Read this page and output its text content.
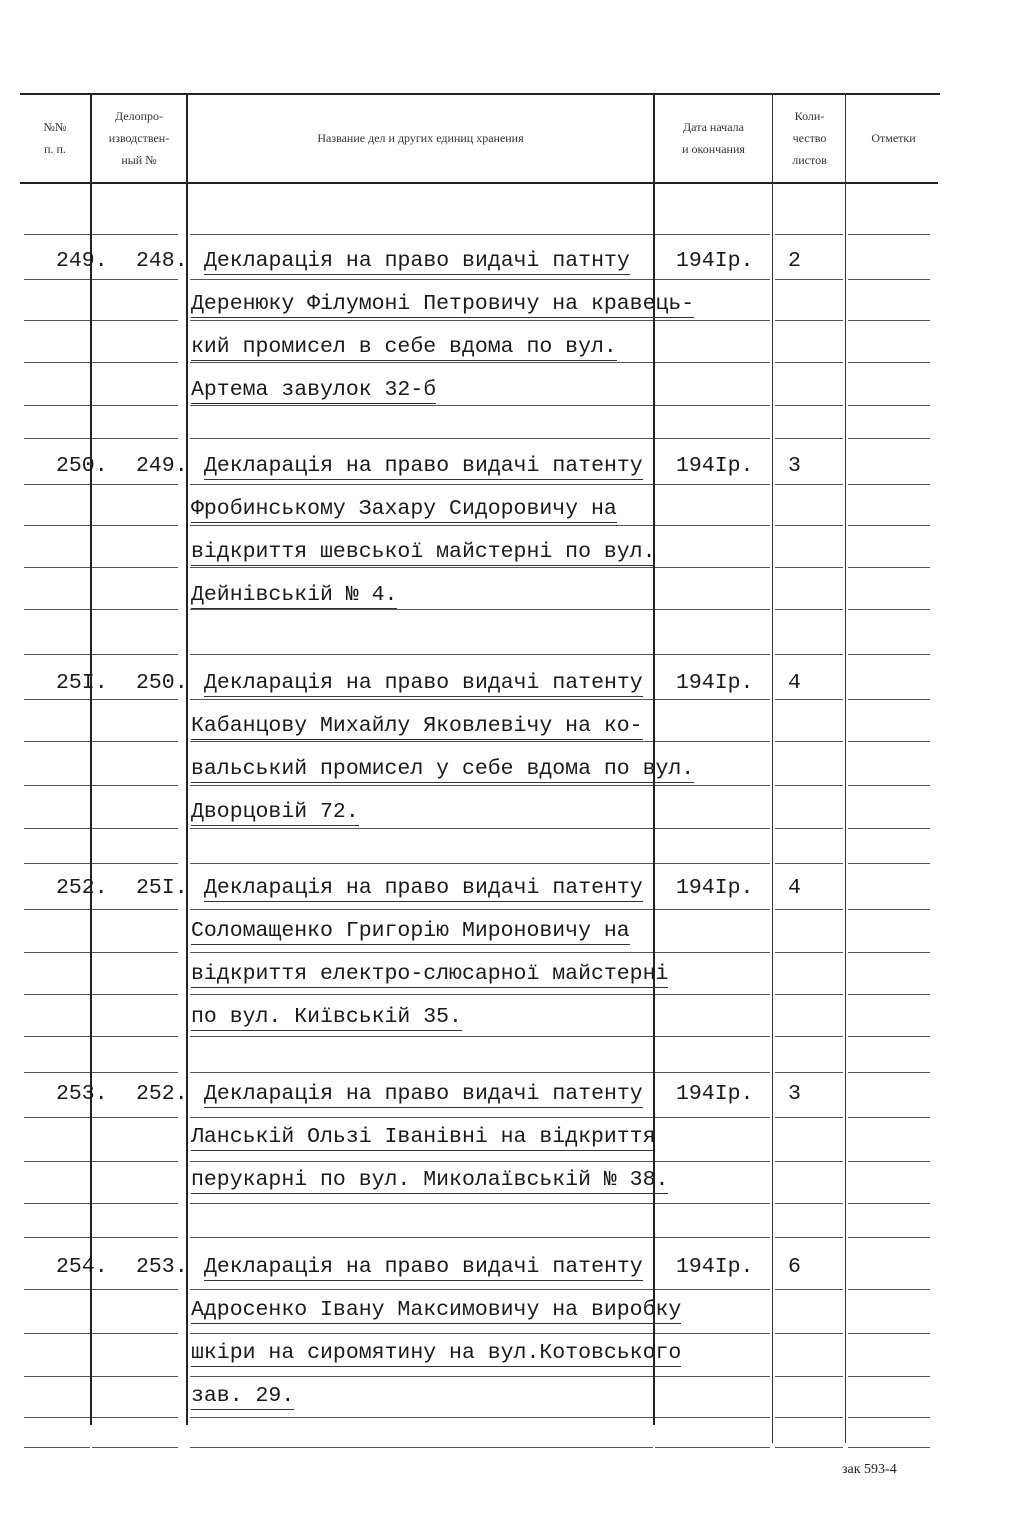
№№
п. п.
Делопро-
изводствен-
ный №
Название дел и других единиц хранения
Дата начала
и окончания
Коли-
чество
листов
Отметки
249. 248. Декларація на право видачі патнту
Деренюку Філумоні Петровичу на кравець-
кий промисел в себе вдома по вул.
Артема завулок 32-б
194Iр. 2
250. 249. Декларація на право видачі патенту
Фробинському Захару Сидоровичу на
відкриття шевської майстерні по вул.
Дейнівській № 4.
194Iр. 3
25I. 250. Декларація на право видачі патенту
Кабанцову Михайлу Яковлевічу на ко-
вальський промисел у себе вдома по вул.
Дворцовій 72.
194Iр. 4
252. 25I. Декларація на право видачі патенту
Соломащенко Григорію Мироновичу на
відкриття електро-слюсарної майстерні
по вул. Київській 35.
194Iр. 4
253. 252. Декларація на право видачі патенту
Ланській Ользі Іванівні на відкриття
перукарні по вул. Миколаївській № 38.
194Iр. 3
254. 253. Декларація на право видачі патенту
Адросенко Івану Максимовичу на виробку
шкіри на сиромятину на вул.Котовського
зав. 29.
194Iр. 6
зак 593-4
